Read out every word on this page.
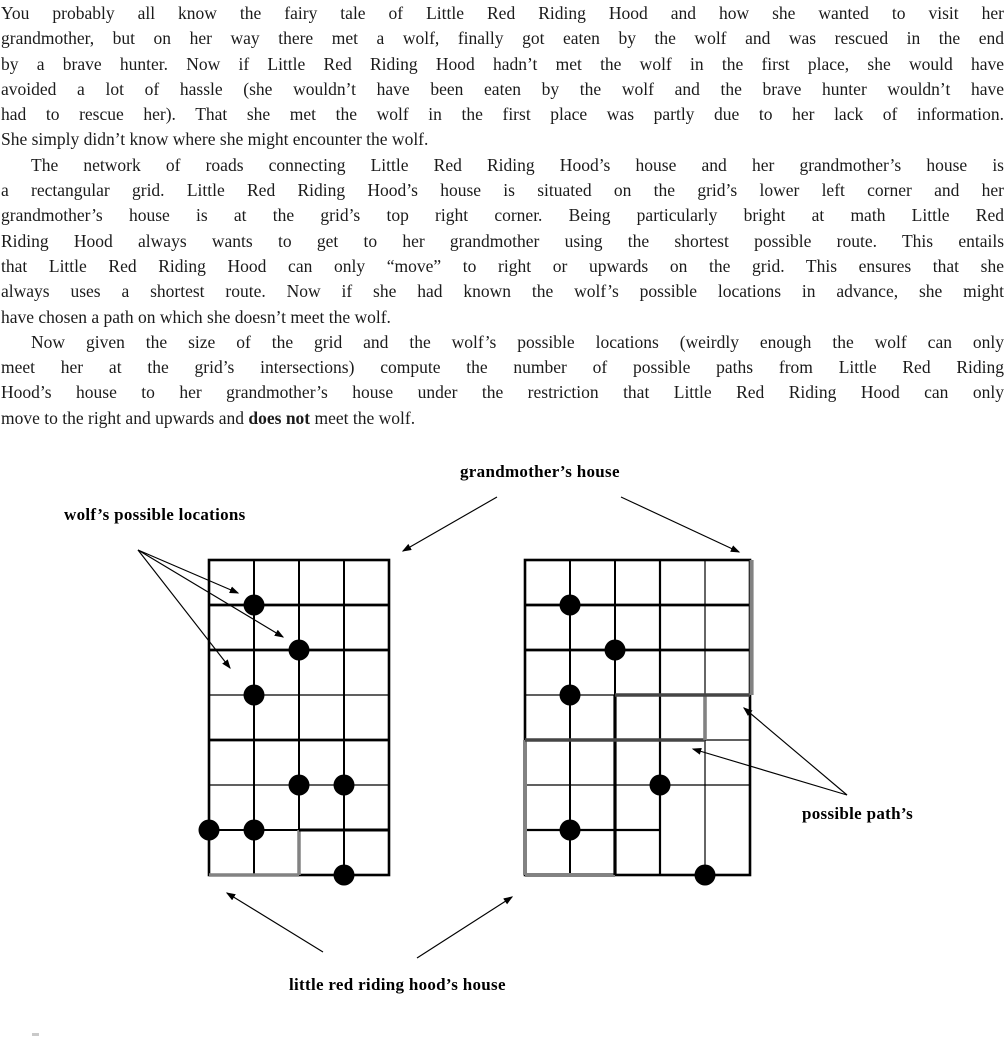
You probably all know the fairy tale of Little Red Riding Hood and how she wanted to visit her
grandmother, but on her way there met a wolf, finally got eaten by the wolf and was rescued in the end
by a brave hunter. Now if Little Red Riding Hood hadn’t met the wolf in the first place, she would have
avoided a lot of hassle (she wouldn’t have been eaten by the wolf and the brave hunter wouldn’t have
had to rescue her). That she met the wolf in the first place was partly due to her lack of information.
She simply didn’t know where she might encounter the wolf.
The network of roads connecting Little Red Riding Hood’s house and her grandmother’s house is
a rectangular grid. Little Red Riding Hood’s house is situated on the grid’s lower left corner and her
grandmother’s house is at the grid’s top right corner. Being particularly bright at math Little Red
Riding Hood always wants to get to her grandmother using the shortest possible route. This entails
that Little Red Riding Hood can only “move” to right or upwards on the grid. This ensures that she
always uses a shortest route. Now if she had known the wolf’s possible locations in advance, she might
have chosen a path on which she doesn’t meet the wolf.
Now given the size of the grid and the wolf’s possible locations (weirdly enough the wolf can only
meet her at the grid’s intersections) compute the number of possible paths from Little Red Riding
Hood’s house to her grandmother’s house under the restriction that Little Red Riding Hood can only
move to the right and upwards and does not meet the wolf.
grandmother’s house
wolf’s possible locations
possible path’s
little red riding hood’s house
